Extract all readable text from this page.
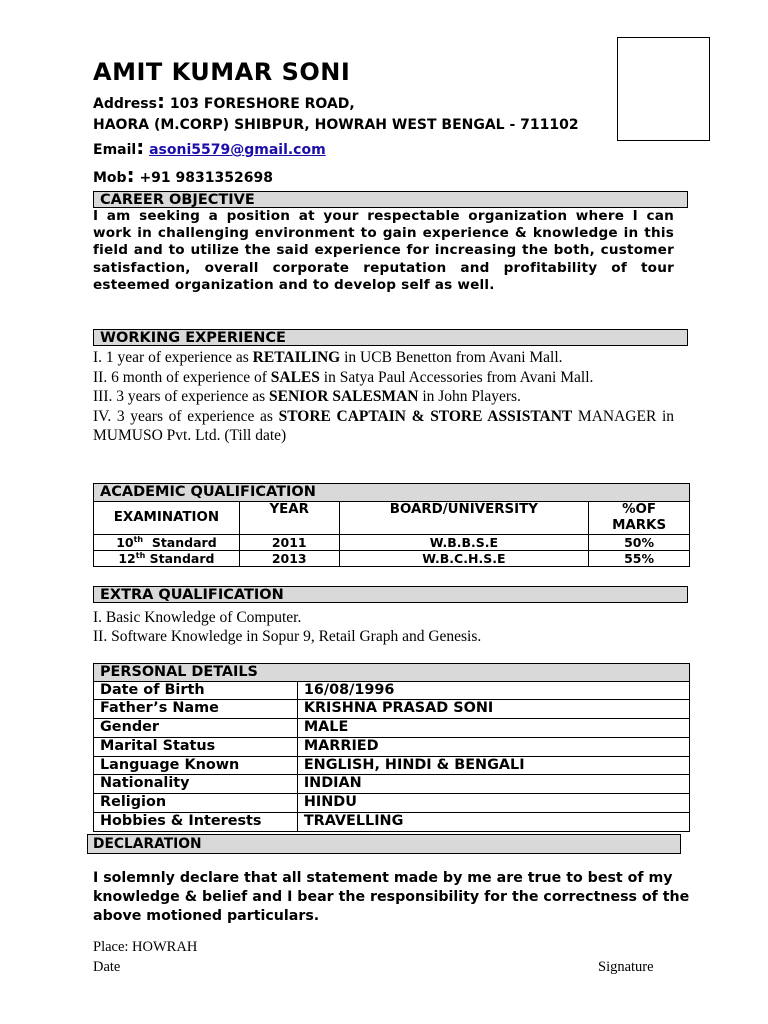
AMIT KUMAR SONI
Address: 103 FORESHORE ROAD,
HAORA (M.CORP) SHIBPUR, HOWRAH WEST BENGAL - 711102
Email: asoni5579@gmail.com
Mob: +91 9831352698
CAREER OBJECTIVE
I am seeking a position at your respectable organization where I can work in challenging environment to gain experience & knowledge in this field and to utilize the said experience for increasing the both, customer satisfaction, overall corporate reputation and profitability of tour esteemed organization and to develop self as well.
WORKING EXPERIENCE
I. 1 year of experience as RETAILING in UCB Benetton from Avani Mall.
II. 6 month of experience of SALES in Satya Paul Accessories from Avani Mall.
III. 3 years of experience as SENIOR SALESMAN in John Players.
IV. 3 years of experience as STORE CAPTAIN & STORE ASSISTANT MANAGER in MUMUSO Pvt. Ltd. (Till date)
ACADEMIC QUALIFICATION			
EXAMINATION	YEAR	BOARD/UNIVERSITY	%OF MARKS
10th  Standard	2011	W.B.B.S.E	50%
12th Standard	2013	W.B.C.H.S.E	55%
EXTRA QUALIFICATION
I. Basic Knowledge of Computer.
II. Software Knowledge in Sopur 9, Retail Graph and Genesis.
PERSONAL DETAILS	
Date of Birth	16/08/1996
Father’s Name	KRISHNA PRASAD SONI
Gender	MALE
Marital Status	MARRIED
Language Known	ENGLISH, HINDI & BENGALI
Nationality	INDIAN
Religion	HINDU
Hobbies & Interests	TRAVELLING
DECLARATION
I solemnly declare that all statement made by me are true to best of my knowledge & belief and I bear the responsibility for the correctness of the above motioned particulars.
Place: HOWRAH
Date	Signature
